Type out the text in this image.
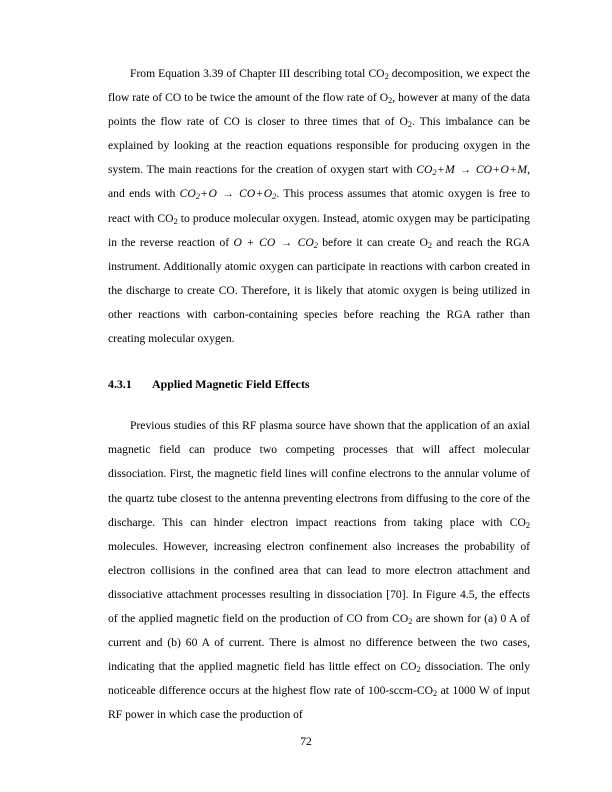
From Equation 3.39 of Chapter III describing total $CO_2$ decomposition, we expect the flow rate of CO to be twice the amount of the flow rate of $O_2$, however at many of the data points the flow rate of CO is closer to three times that of $O_2$. This imbalance can be explained by looking at the reaction equations responsible for producing oxygen in the system. The main reactions for the creation of oxygen start with $CO_2+M \to CO+O+M$, and ends with $CO_2+O \to CO+O_2$. This process assumes that atomic oxygen is free to react with $CO_2$ to produce molecular oxygen. Instead, atomic oxygen may be participating in the reverse reaction of O + CO → $CO_2$ before it can create $O_2$ and reach the RGA instrument. Additionally atomic oxygen can participate in reactions with carbon created in the discharge to create CO. Therefore, it is likely that atomic oxygen is being utilized in other reactions with carbon-containing species before reaching the RGA rather than creating molecular oxygen.

4.3.1 Applied Magnetic Field Effects

Previous studies of this RF plasma source have shown that the application of an axial magnetic field can produce two competing processes that will affect molecular dissociation. First, the magnetic field lines will confine electrons to the annular volume of the quartz tube closest to the antenna preventing electrons from diffusing to the core of the discharge. This can hinder electron impact reactions from taking place with $CO_2$ molecules. However, increasing electron confinement also increases the probability of electron collisions in the confined area that can lead to more electron attachment and dissociative attachment processes resulting in dissociation [70]. In Figure 4.5, the effects of the applied magnetic field on the production of CO from $CO_2$ are shown for (a) 0 A of current and (b) 60 A of current. There is almost no difference between the two cases, indicating that the applied magnetic field has little effect on $CO_2$ dissociation. The only noticeable difference occurs at the highest flow rate of $100-sccm-CO_2$ at 1000 W of input RF power in which case the production of

72
